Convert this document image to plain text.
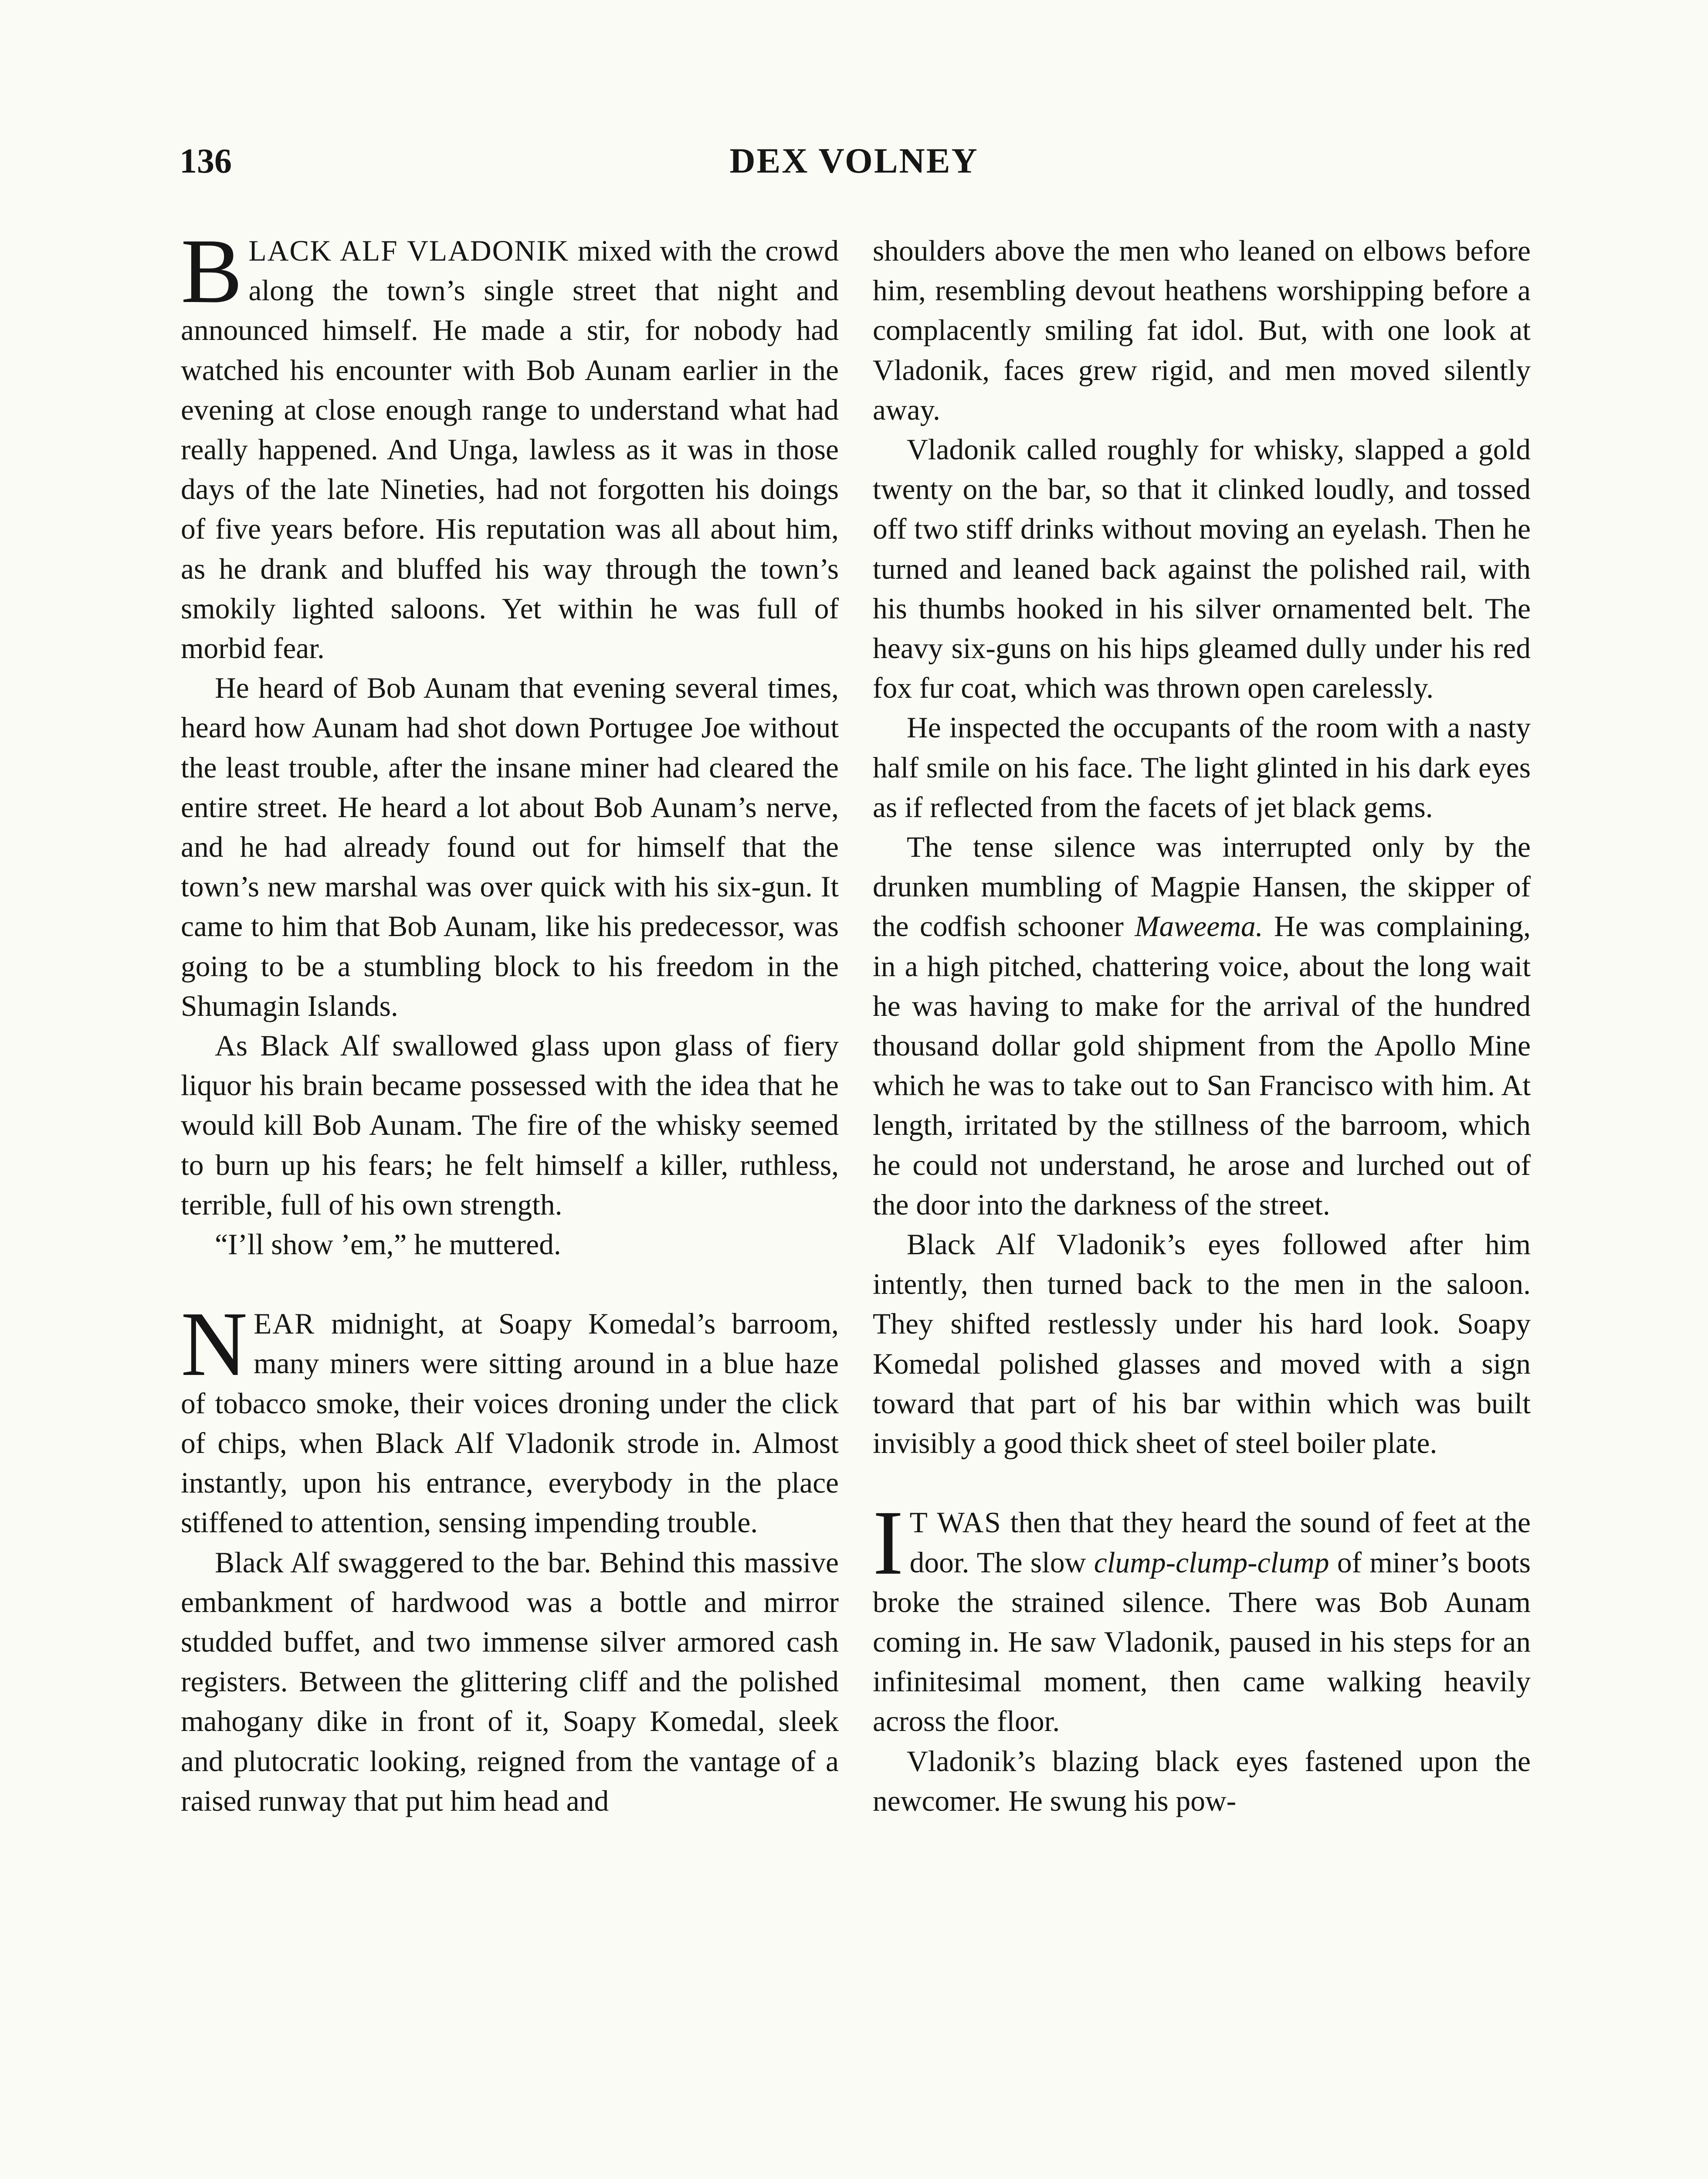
136	DEX VOLNEY

BLACK ALF VLADONIK mixed with the crowd along the town’s single street that night and announced himself. He made a stir, for nobody had watched his encounter with Bob Aunam earlier in the evening at close enough range to understand what had really happened. And Unga, lawless as it was in those days of the late Nineties, had not forgotten his doings of five years before. His reputation was all about him, as he drank and bluffed his way through the town’s smokily lighted saloons. Yet within he was full of morbid fear.

He heard of Bob Aunam that evening several times, heard how Aunam had shot down Portugee Joe without the least trouble, after the insane miner had cleared the entire street. He heard a lot about Bob Aunam’s nerve, and he had already found out for himself that the town’s new marshal was over quick with his six-gun. It came to him that Bob Aunam, like his predecessor, was going to be a stumbling block to his freedom in the Shumagin Islands.

As Black Alf swallowed glass upon glass of fiery liquor his brain became possessed with the idea that he would kill Bob Aunam. The fire of the whisky seemed to burn up his fears; he felt himself a killer, ruthless, terrible, full of his own strength.

“I’ll show ’em,” he muttered.

NEAR midnight, at Soapy Komedal’s barroom, many miners were sitting around in a blue haze of tobacco smoke, their voices droning under the click of chips, when Black Alf Vladonik strode in. Almost instantly, upon his entrance, everybody in the place stiffened to attention, sensing impending trouble.

Black Alf swaggered to the bar. Behind this massive embankment of hardwood was a bottle and mirror studded buffet, and two immense silver armored cash registers. Between the glittering cliff and the polished mahogany dike in front of it, Soapy Komedal, sleek and plutocratic looking, reigned from the vantage of a raised runway that put him head and

shoulders above the men who leaned on elbows before him, resembling devout heathens worshipping before a complacently smiling fat idol. But, with one look at Vladonik, faces grew rigid, and men moved silently away.

Vladonik called roughly for whisky, slapped a gold twenty on the bar, so that it clinked loudly, and tossed off two stiff drinks without moving an eyelash. Then he turned and leaned back against the polished rail, with his thumbs hooked in his silver ornamented belt. The heavy six-guns on his hips gleamed dully under his red fox fur coat, which was thrown open carelessly.

He inspected the occupants of the room with a nasty half smile on his face. The light glinted in his dark eyes as if reflected from the facets of jet black gems.

The tense silence was interrupted only by the drunken mumbling of Magpie Hansen, the skipper of the codfish schooner Maweema. He was complaining, in a high pitched, chattering voice, about the long wait he was having to make for the arrival of the hundred thousand dollar gold shipment from the Apollo Mine which he was to take out to San Francisco with him. At length, irritated by the stillness of the barroom, which he could not understand, he arose and lurched out of the door into the darkness of the street.

Black Alf Vladonik’s eyes followed after him intently, then turned back to the men in the saloon. They shifted restlessly under his hard look. Soapy Komedal polished glasses and moved with a sign toward that part of his bar within which was built invisibly a good thick sheet of steel boiler plate.

I T WAS then that they heard the sound of feet at the door. The slow clump-clump-clump of miner’s boots broke the strained silence. There was Bob Aunam coming in. He saw Vladonik, paused in his steps for an infinitesimal moment, then came walking heavily across the floor.

Vladonik’s blazing black eyes fastened upon the newcomer. He swung his pow-
